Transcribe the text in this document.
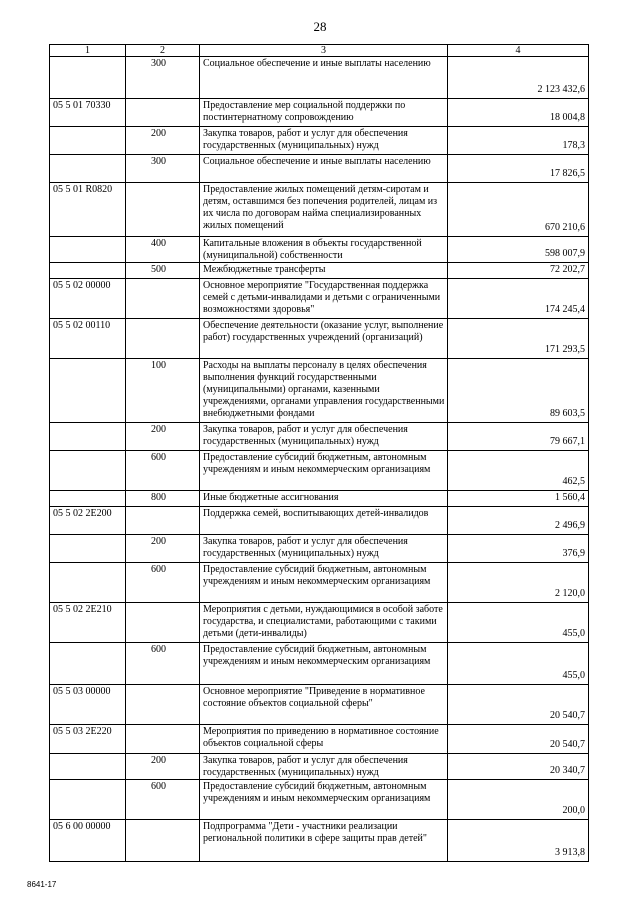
28
1	2	3	4
	300	Социальное обеспечение и иные выплаты населению	2 123 432,6
05 5 01 70330		Предоставление мер социальной поддержки по постинтернатному сопровождению	18 004,8
	200	Закупка товаров, работ и услуг для обеспечения государственных (муниципальных) нужд	178,3
	300	Социальное обеспечение и иные выплаты населению	17 826,5
05 5 01 R0820		Предоставление жилых помещений детям-сиротам и детям, оставшимся без попечения родителей, лицам из их числа по договорам найма специализированных жилых помещений	670 210,6
	400	Капитальные вложения в объекты государственной (муниципальной) собственности	598 007,9
	500	Межбюджетные трансферты	72 202,7
05 5 02 00000		Основное мероприятие "Государственная поддержка семей с детьми-инвалидами и детьми с ограниченными возможностями здоровья"	174 245,4
05 5 02 00110		Обеспечение деятельности (оказание услуг, выполнение работ) государственных учреждений (организаций)	171 293,5
	100	Расходы на выплаты персоналу в целях обеспечения выполнения функций государственными (муниципальными) органами, казенными учреждениями, органами управления государственными внебюджетными фондами	89 603,5
	200	Закупка товаров, работ и услуг для обеспечения государственных (муниципальных) нужд	79 667,1
	600	Предоставление субсидий бюджетным, автономным учреждениям и иным некоммерческим организациям	462,5
	800	Иные бюджетные ассигнования	1 560,4
05 5 02 2Е200		Поддержка семей, воспитывающих детей-инвалидов	2 496,9
	200	Закупка товаров, работ и услуг для обеспечения государственных (муниципальных) нужд	376,9
	600	Предоставление субсидий бюджетным, автономным учреждениям и иным некоммерческим организациям	2 120,0
05 5 02 2Е210		Мероприятия с детьми, нуждающимися в особой заботе государства, и специалистами, работающими с такими детьми (дети-инвалиды)	455,0
	600	Предоставление субсидий бюджетным, автономным учреждениям и иным некоммерческим организациям	455,0
05 5 03 00000		Основное мероприятие "Приведение в нормативное состояние объектов социальной сферы"	20 540,7
05 5 03 2Е220		Мероприятия по приведению в нормативное состояние объектов социальной сферы	20 540,7
	200	Закупка товаров, работ и услуг для обеспечения государственных (муниципальных) нужд	20 340,7
	600	Предоставление субсидий бюджетным, автономным учреждениям и иным некоммерческим организациям	200,0
05 6 00 00000		Подпрограмма "Дети - участники реализации региональной политики в сфере защиты прав детей"	3 913,8
8641-17
